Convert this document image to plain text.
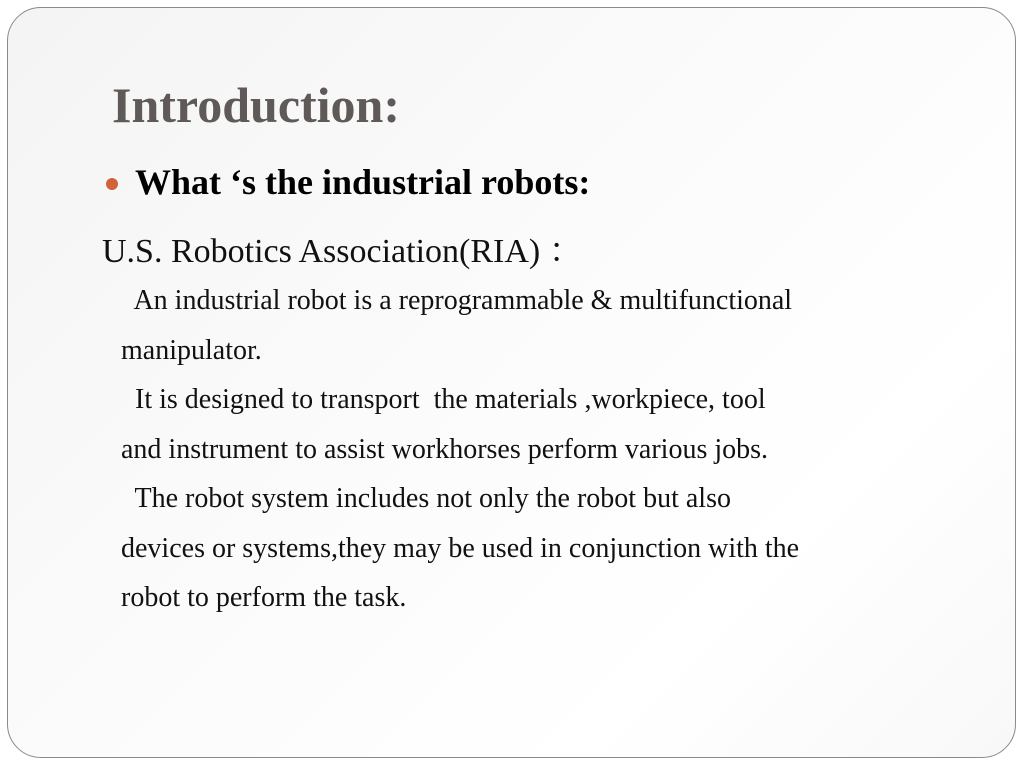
Introduction:
What ‘s the industrial robots:
U.S. Robotics Association(RIA) ：
An industrial robot is a reprogrammable & multifunctional
manipulator.
It is designed to transport  the materials ,workpiece, tool
and instrument to assist workhorses perform various jobs.
The robot system includes not only the robot but also
devices or systems,they may be used in conjunction with the
robot to perform the task.
